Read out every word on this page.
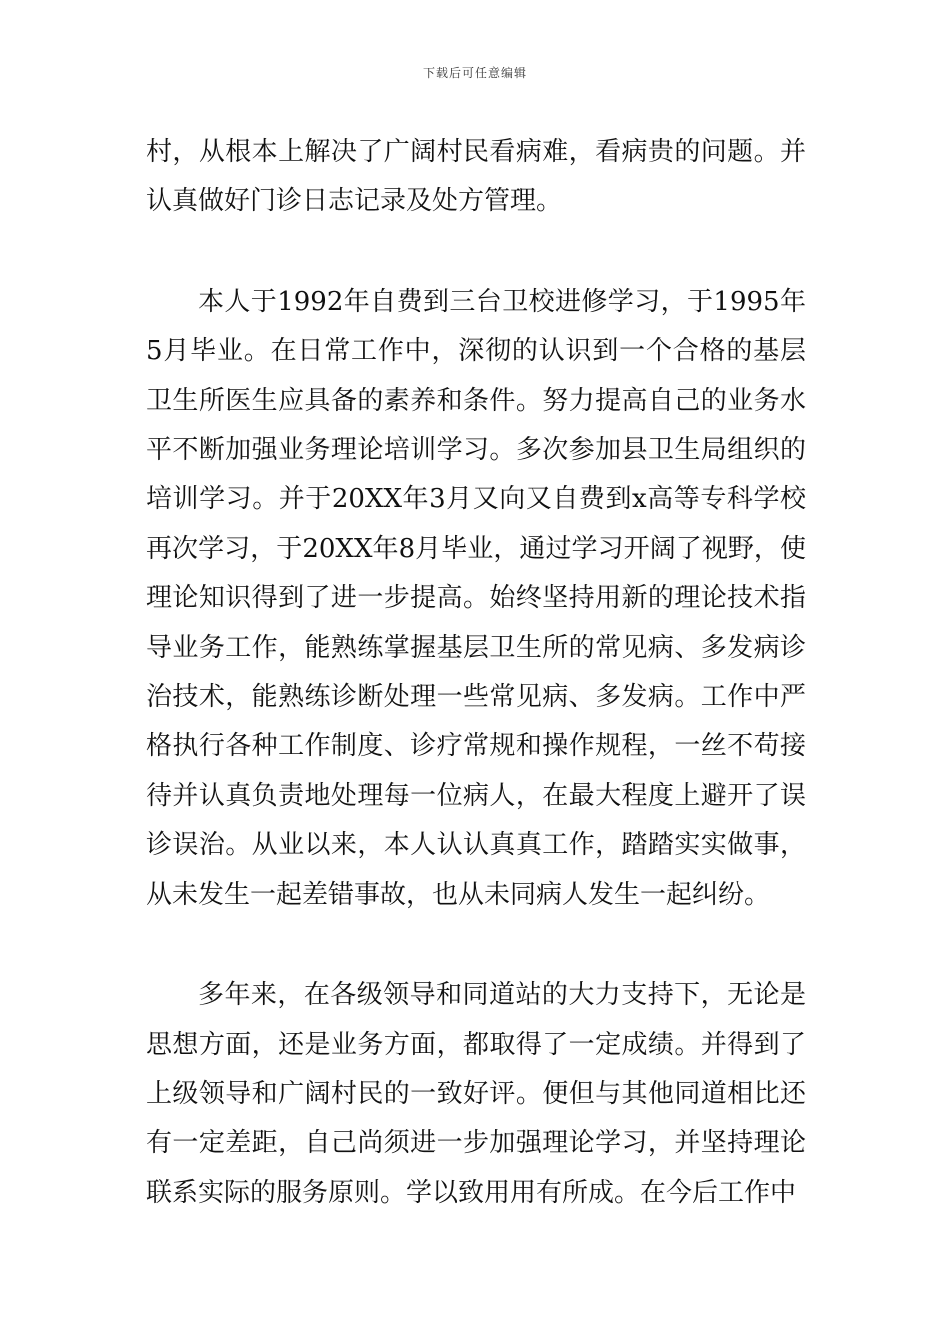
下载后可任意编辑

村，从根本上解决了广阔村民看病难，看病贵的问题。并认真做好门诊日志记录及处方管理。

本人于1992年自费到三台卫校进修学习，于1995年5月毕业。在日常工作中，深彻的认识到一个合格的基层卫生所医生应具备的素养和条件。努力提高自己的业务水平不断加强业务理论培训学习。多次参加县卫生局组织的培训学习。并于20XX年3月又向又自费到x高等专科学校再次学习，于20XX年8月毕业，通过学习开阔了视野，使理论知识得到了进一步提高。始终坚持用新的理论技术指导业务工作，能熟练掌握基层卫生所的常见病、多发病诊治技术，能熟练诊断处理一些常见病、多发病。工作中严格执行各种工作制度、诊疗常规和操作规程，一丝不苟接待并认真负责地处理每一位病人，在最大程度上避开了误诊误治。从业以来，本人认认真真工作，踏踏实实做事，从未发生一起差错事故，也从未同病人发生一起纠纷。

多年来，在各级领导和同道站的大力支持下，无论是思想方面，还是业务方面，都取得了一定成绩。并得到了上级领导和广阔村民的一致好评。便但与其他同道相比还有一定差距，自己尚须进一步加强理论学习，并坚持理论联系实际的服务原则。学以致用用有所成。在今后工作中
